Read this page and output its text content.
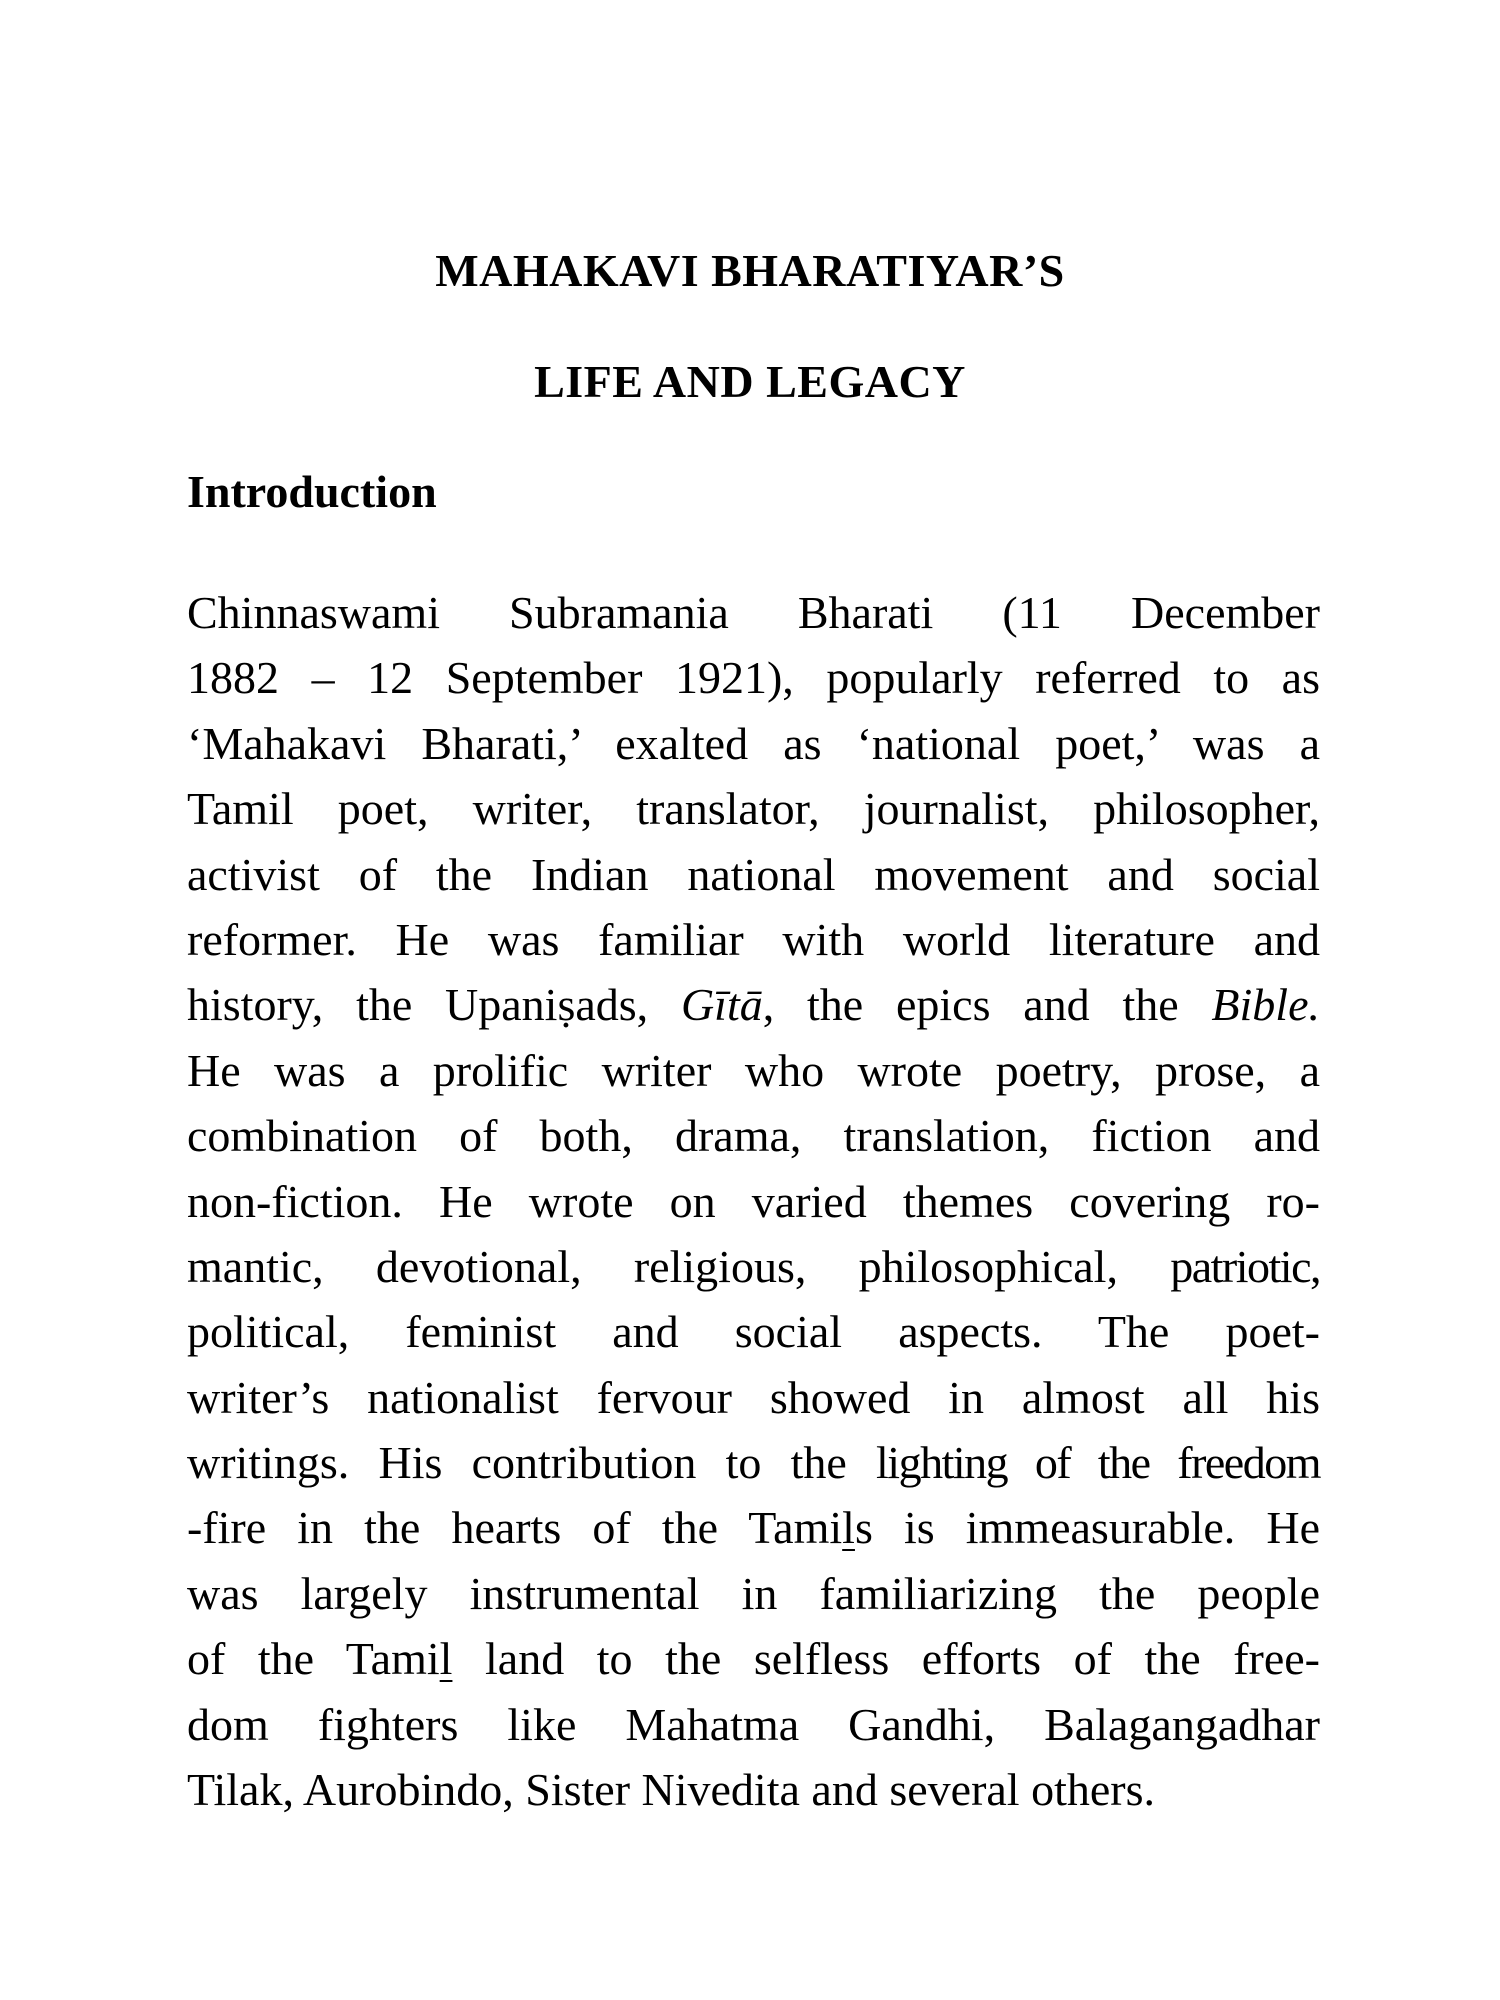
MAHAKAVI BHARATIYAR’S
LIFE AND LEGACY
Introduction
Chinnaswami Subramania Bharati (11 December
1882 – 12 September 1921), popularly referred to as
‘Mahakavi Bharati,’ exalted as ‘national poet,’ was a
Tamil poet, writer, translator, journalist, philosopher,
activist of the Indian national movement and social
reformer. He was familiar with world literature and
history, the Upaniṣads, Gītā, the epics and the Bible.
He was a prolific writer who wrote poetry, prose, a
combination of both, drama, translation, fiction and
non-fiction. He wrote on varied themes covering ro-
mantic, devotional, religious, philosophical, patriotic,
political, feminist and social aspects. The poet-
writer’s nationalist fervour showed in almost all his
writings. His contribution to the lighting of the freedom
-fire in the hearts of the Tamils is immeasurable. He
was largely instrumental in familiarizing the people
of the Tamil land to the selfless efforts of the free-
dom fighters like Mahatma Gandhi, Balagangadhar
Tilak, Aurobindo, Sister Nivedita and several others.
